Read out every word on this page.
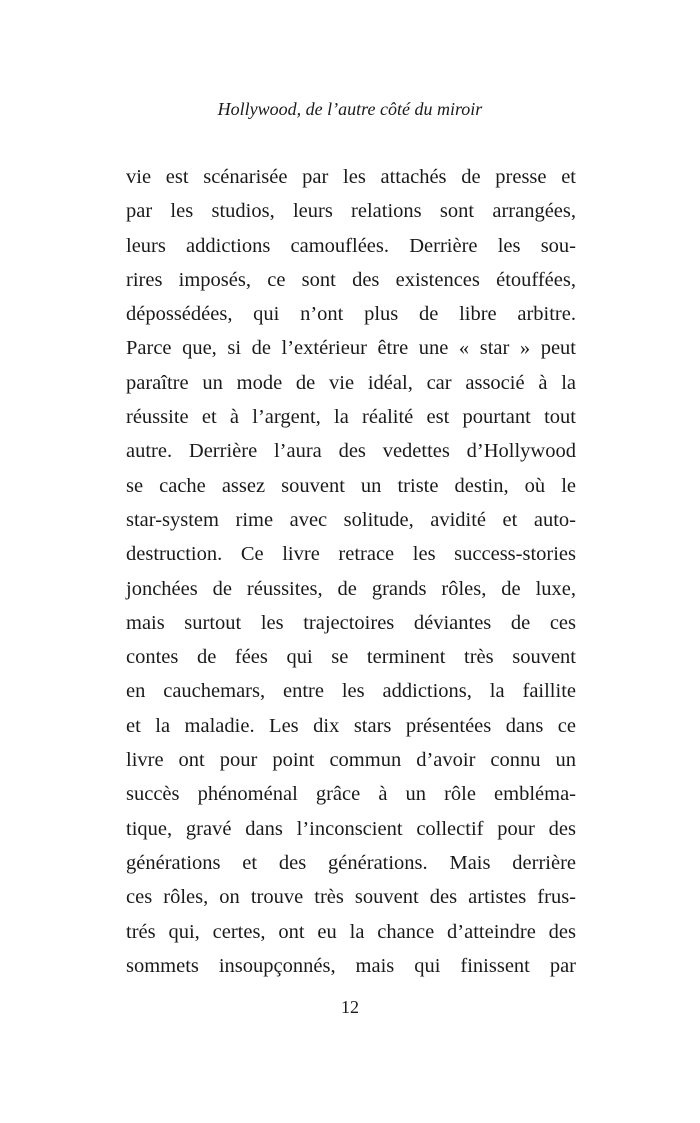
Hollywood, de l’autre côté du miroir
vie est scénarisée par les attachés de presse et
par les studios, leurs relations sont arrangées,
leurs addictions camouflées. Derrière les sou-
rires imposés, ce sont des existences étouffées,
dépossédées, qui n’ont plus de libre arbitre.
Parce que, si de l’extérieur être une « star » peut
paraître un mode de vie idéal, car associé à la
réussite et à l’argent, la réalité est pourtant tout
autre. Derrière l’aura des vedettes d’Hollywood
se cache assez souvent un triste destin, où le
star-system rime avec solitude, avidité et auto-
destruction. Ce livre retrace les success-stories
jonchées de réussites, de grands rôles, de luxe,
mais surtout les trajectoires déviantes de ces
contes de fées qui se terminent très souvent
en cauchemars, entre les addictions, la faillite
et la maladie. Les dix stars présentées dans ce
livre ont pour point commun d’avoir connu un
succès phénoménal grâce à un rôle embléma-
tique, gravé dans l’inconscient collectif pour des
générations et des générations. Mais derrière
ces rôles, on trouve très souvent des artistes frus-
trés qui, certes, ont eu la chance d’atteindre des
sommets insoupçonnés, mais qui finissent par
12
